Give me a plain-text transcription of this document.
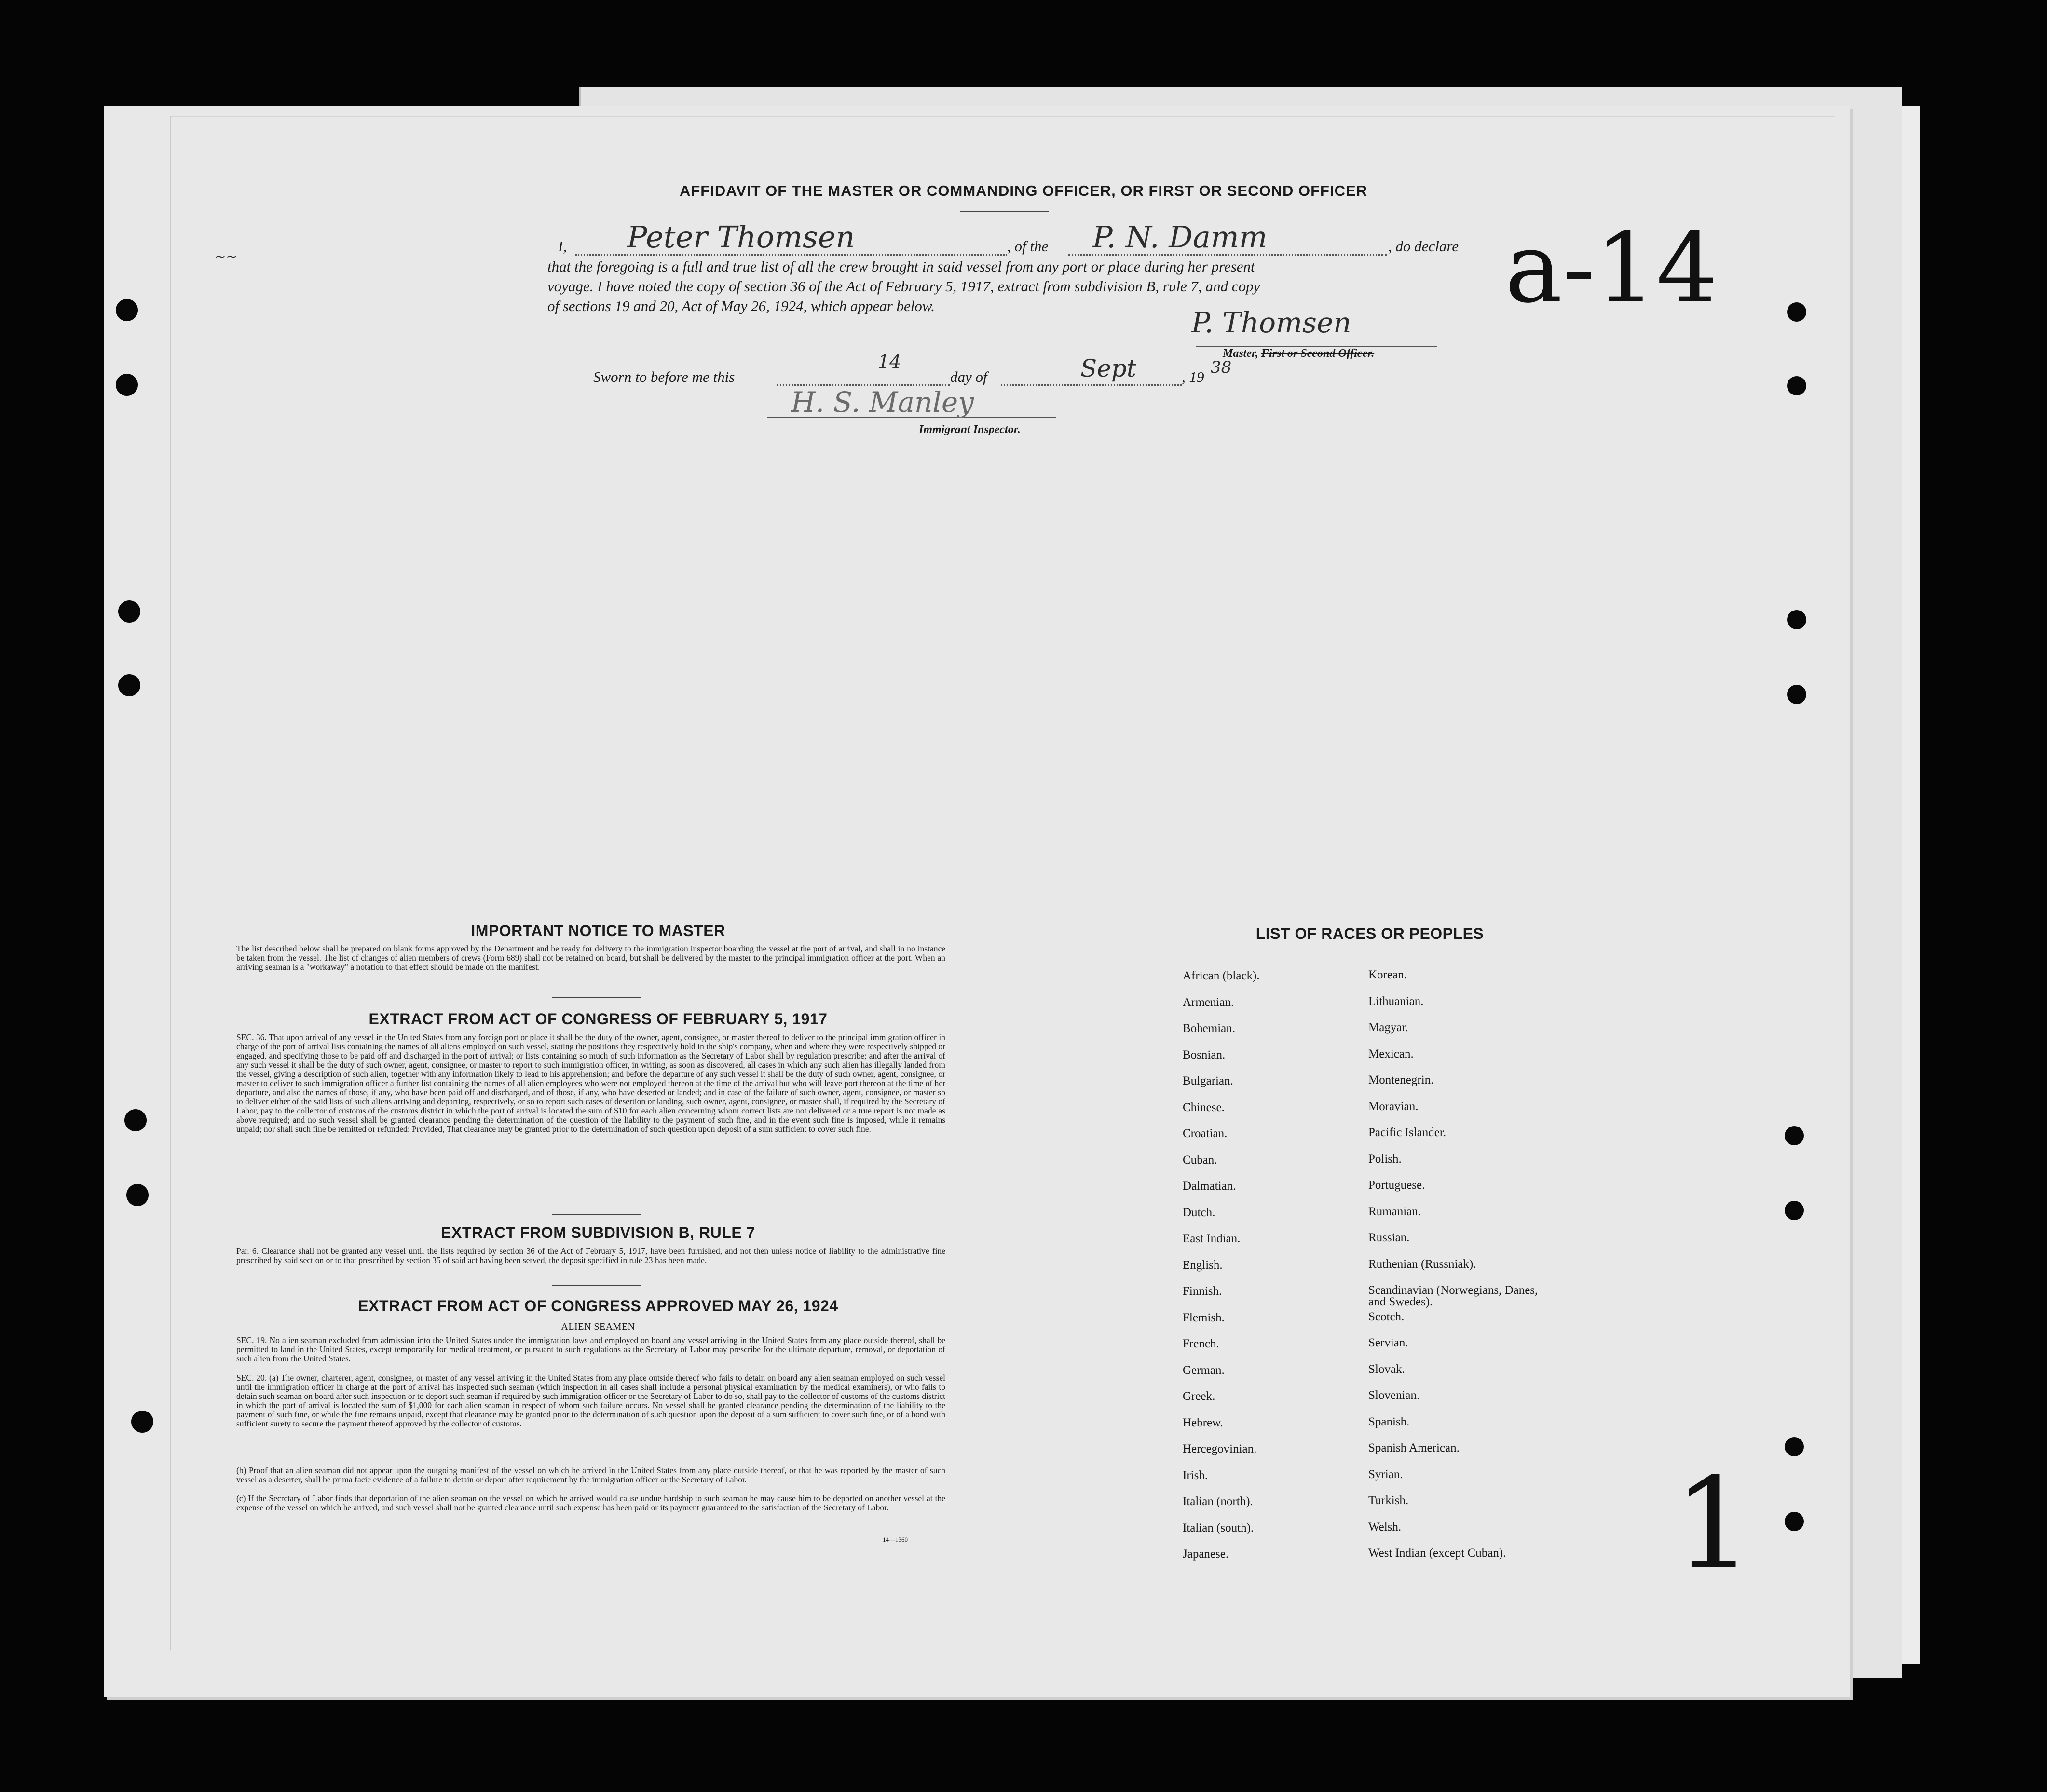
AFFIDAVIT OF THE MASTER OR COMMANDING OFFICER, OR FIRST OR SECOND OFFICER
~~
I, Peter Thomsen	, of the P. N. Damm	, do declare
that the foregoing is a full and true list of all the crew brought in said vessel from any port or place during her present
voyage. I have noted the copy of section 36 of the Act of February 5, 1917, extract from subdivision B, rule 7, and copy
of sections 19 and 20, Act of May 26, 1924, which appear below.
P. Thomsen
Master, First or Second Officer.
Sworn to before me this
14
day of	Sept	, 19 38
H. S. Manley
Immigrant Inspector.
a-14
IMPORTANT NOTICE TO MASTER
The list described below shall be prepared on blank forms approved by the Department and be ready for delivery to the immigration inspector boarding the vessel at the port of arrival, and shall in no instance be taken from the vessel. The list of changes of alien members of crews (Form 689) shall not be retained on board, but shall be delivered by the master to the principal immigration officer at the port. When an arriving seaman is a "workaway" a notation to that effect should be made on the manifest.
EXTRACT FROM ACT OF CONGRESS OF FEBRUARY 5, 1917
SEC. 36. That upon arrival of any vessel in the United States from any foreign port or place it shall be the duty of the owner, agent, consignee, or master thereof to deliver to the principal immigration officer in charge of the port of arrival lists containing the names of all aliens employed on such vessel, stating the positions they respectively hold in the ship's company, when and where they were respectively shipped or engaged, and specifying those to be paid off and discharged in the port of arrival; or lists containing so much of such information as the Secretary of Labor shall by regulation prescribe; and after the arrival of any such vessel it shall be the duty of such owner, agent, consignee, or master to report to such immigration officer, in writing, as soon as discovered, all cases in which any such alien has illegally landed from the vessel, giving a description of such alien, together with any information likely to lead to his apprehension; and before the departure of any such vessel it shall be the duty of such owner, agent, consignee, or master to deliver to such immigration officer a further list containing the names of all alien employees who were not employed thereon at the time of the arrival but who will leave port thereon at the time of her departure, and also the names of those, if any, who have been paid off and discharged, and of those, if any, who have deserted or landed; and in case of the failure of such owner, agent, consignee, or master so to deliver either of the said lists of such aliens arriving and departing, respectively, or so to report such cases of desertion or landing, such owner, agent, consignee, or master shall, if required by the Secretary of Labor, pay to the collector of customs of the customs district in which the port of arrival is located the sum of $10 for each alien concerning whom correct lists are not delivered or a true report is not made as above required; and no such vessel shall be granted clearance pending the determination of the question of the liability to the payment of such fine, and in the event such fine is imposed, while it remains unpaid; nor shall such fine be remitted or refunded: Provided, That clearance may be granted prior to the determination of such question upon deposit of a sum sufficient to cover such fine.
EXTRACT FROM SUBDIVISION B, RULE 7
Par. 6. Clearance shall not be granted any vessel until the lists required by section 36 of the Act of February 5, 1917, have been furnished, and not then unless notice of liability to the administrative fine prescribed by said section or to that prescribed by section 35 of said act having been served, the deposit specified in rule 23 has been made.
EXTRACT FROM ACT OF CONGRESS APPROVED MAY 26, 1924
ALIEN SEAMEN
SEC. 19. No alien seaman excluded from admission into the United States under the immigration laws and employed on board any vessel arriving in the United States from any place outside thereof, shall be permitted to land in the United States, except temporarily for medical treatment, or pursuant to such regulations as the Secretary of Labor may prescribe for the ultimate departure, removal, or deportation of such alien from the United States.
SEC. 20. (a) The owner, charterer, agent, consignee, or master of any vessel arriving in the United States from any place outside thereof who fails to detain on board any alien seaman employed on such vessel until the immigration officer in charge at the port of arrival has inspected such seaman (which inspection in all cases shall include a personal physical examination by the medical examiners), or who fails to detain such seaman on board after such inspection or to deport such seaman if required by such immigration officer or the Secretary of Labor to do so, shall pay to the collector of customs of the customs district in which the port of arrival is located the sum of $1,000 for each alien seaman in respect of whom such failure occurs. No vessel shall be granted clearance pending the determination of the liability to the payment of such fine, or while the fine remains unpaid, except that clearance may be granted prior to the determination of such question upon the deposit of a sum sufficient to cover such fine, or of a bond with sufficient surety to secure the payment thereof approved by the collector of customs.
(b) Proof that an alien seaman did not appear upon the outgoing manifest of the vessel on which he arrived in the United States from any place outside thereof, or that he was reported by the master of such vessel as a deserter, shall be prima facie evidence of a failure to detain or deport after requirement by the immigration officer or the Secretary of Labor.
(c) If the Secretary of Labor finds that deportation of the alien seaman on the vessel on which he arrived would cause undue hardship to such seaman he may cause him to be deported on another vessel at the expense of the vessel on which he arrived, and such vessel shall not be granted clearance until such expense has been paid or its payment guaranteed to the satisfaction of the Secretary of Labor.
14—1360
LIST OF RACES OR PEOPLES
African (black).	Korean.
Armenian.	Lithuanian.
Bohemian.	Magyar.
Bosnian.	Mexican.
Bulgarian.	Montenegrin.
Chinese.	Moravian.
Croatian.	Pacific Islander.
Cuban.	Polish.
Dalmatian.	Portuguese.
Dutch.	Rumanian.
East Indian.	Russian.
English.	Ruthenian (Russniak).
Finnish.	Scandinavian (Norwegians, Danes, and Swedes).
Flemish.	Scotch.
French.	Servian.
German.	Slovak.
Greek.	Slovenian.
Hebrew.	Spanish.
Hercegovinian.	Spanish American.
Irish.	Syrian.
Italian (north).	Turkish.
Italian (south).	Welsh.
Japanese.	West Indian (except Cuban). 1
